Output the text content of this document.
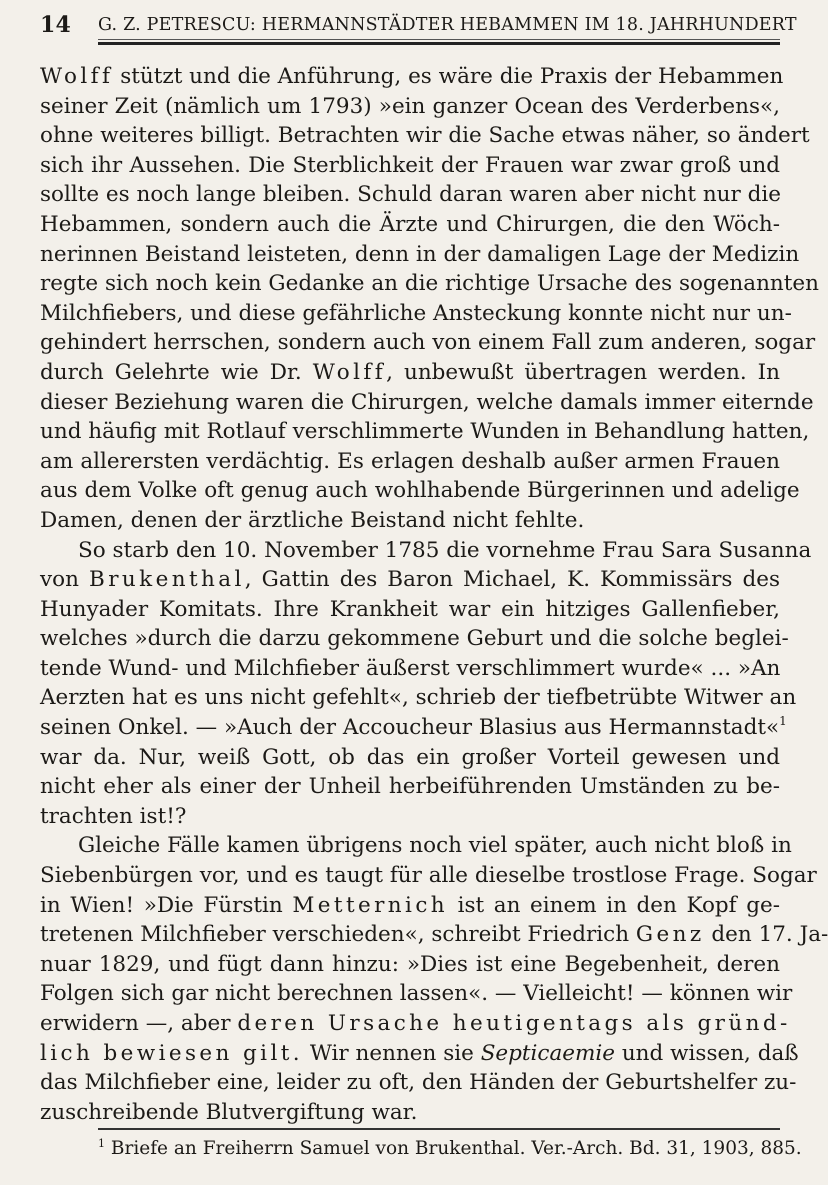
14 G. Z. PETRESCU: HERMANNSTÄDTER HEBAMMEN IM 18. JAHRHUNDERT
Wolff stützt und die Anführung, es wäre die Praxis der Hebammen
seiner Zeit (nämlich um 1793) »ein ganzer Ocean des Verderbens«,
ohne weiteres billigt. Betrachten wir die Sache etwas näher, so ändert
sich ihr Aussehen. Die Sterblichkeit der Frauen war zwar groß und
sollte es noch lange bleiben. Schuld daran waren aber nicht nur die
Hebammen, sondern auch die Ärzte und Chirurgen, die den Wöch-
nerinnen Beistand leisteten, denn in der damaligen Lage der Medizin
regte sich noch kein Gedanke an die richtige Ursache des sogenannten
Milchfiebers, und diese gefährliche Ansteckung konnte nicht nur un-
gehindert herrschen, sondern auch von einem Fall zum anderen, sogar
durch Gelehrte wie Dr. Wolff, unbewußt übertragen werden. In
dieser Beziehung waren die Chirurgen, welche damals immer eiternde
und häufig mit Rotlauf verschlimmerte Wunden in Behandlung hatten,
am allerersten verdächtig. Es erlagen deshalb außer armen Frauen
aus dem Volke oft genug auch wohlhabende Bürgerinnen und adelige
Damen, denen der ärztliche Beistand nicht fehlte.
So starb den 10. November 1785 die vornehme Frau Sara Susanna
von Brukenthal, Gattin des Baron Michael, K. Kommissärs des
Hunyader Komitats. Ihre Krankheit war ein hitziges Gallenfieber,
welches »durch die darzu gekommene Geburt und die solche beglei-
tende Wund- und Milchfieber äußerst verschlimmert wurde« ... »An
Aerzten hat es uns nicht gefehlt«, schrieb der tiefbetrübte Witwer an
seinen Onkel. — »Auch der Accoucheur Blasius aus Hermannstadt«$^1$
war da. Nur, weiß Gott, ob das ein großer Vorteil gewesen und
nicht eher als einer der Unheil herbeiführenden Umständen zu be-
trachten ist!?
Gleiche Fälle kamen übrigens noch viel später, auch nicht bloß in
Siebenbürgen vor, und es taugt für alle dieselbe trostlose Frage. Sogar
in Wien! »Die Fürstin Metternich ist an einem in den Kopf ge-
tretenen Milchfieber verschieden«, schreibt Friedrich Genz den 17. Ja-
nuar 1829, und fügt dann hinzu: »Dies ist eine Begebenheit, deren
Folgen sich gar nicht berechnen lassen«. — Vielleicht! — können wir
erwidern —, aber deren Ursache heutigentags als gründ-
lich bewiesen gilt. Wir nennen sie Septicaemie und wissen, daß
das Milchfieber eine, leider zu oft, den Händen der Geburtshelfer zu-
zuschreibende Blutvergiftung war.
$^1$ Briefe an Freiherrn Samuel von Brukenthal. Ver.-Arch. Bd. 31, 1903, 885.
